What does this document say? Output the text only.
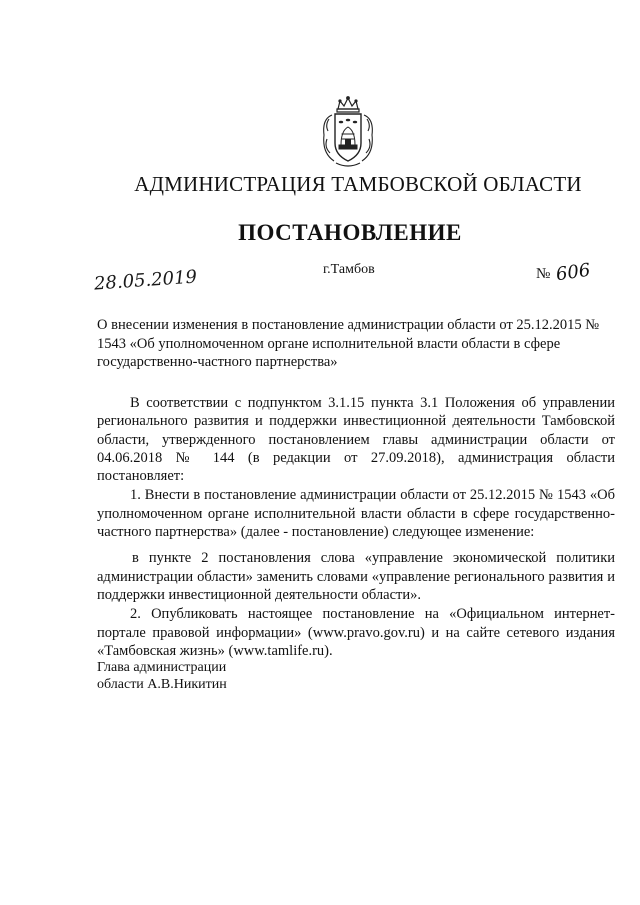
АДМИНИСТРАЦИЯ ТАМБОВСКОЙ ОБЛАСТИ
ПОСТАНОВЛЕНИЕ
28.05.2019	г.Тамбов	№ 606
О внесении изменения в постановление администрации области от 25.12.2015 № 1543 «Об уполномоченном органе исполнительной власти области в сфере государственно-частного партнерства»

В соответствии с подпунктом 3.1.15 пункта 3.1 Положения об управлении регионального развития и поддержки инвестиционной деятельности Тамбовской области, утвержденного постановлением главы администрации области от 04.06.2018 № 144 (в редакции от 27.09.2018), администрация области постановляет:

1. Внести в постановление администрации области от 25.12.2015 № 1543 «Об уполномоченном органе исполнительной власти области в сфере государственно-частного партнерства» (далее - постановление) следующее изменение:

в пункте 2 постановления слова «управление экономической политики администрации области» заменить словами «управление регионального развития и поддержки инвестиционной деятельности области».

2. Опубликовать настоящее постановление на «Официальном интернет-портале правовой информации» (www.pravo.gov.ru) и на сайте сетевого издания «Тамбовская жизнь» (www.tamlife.ru).

Глава администрации
области А.В.Никитин
